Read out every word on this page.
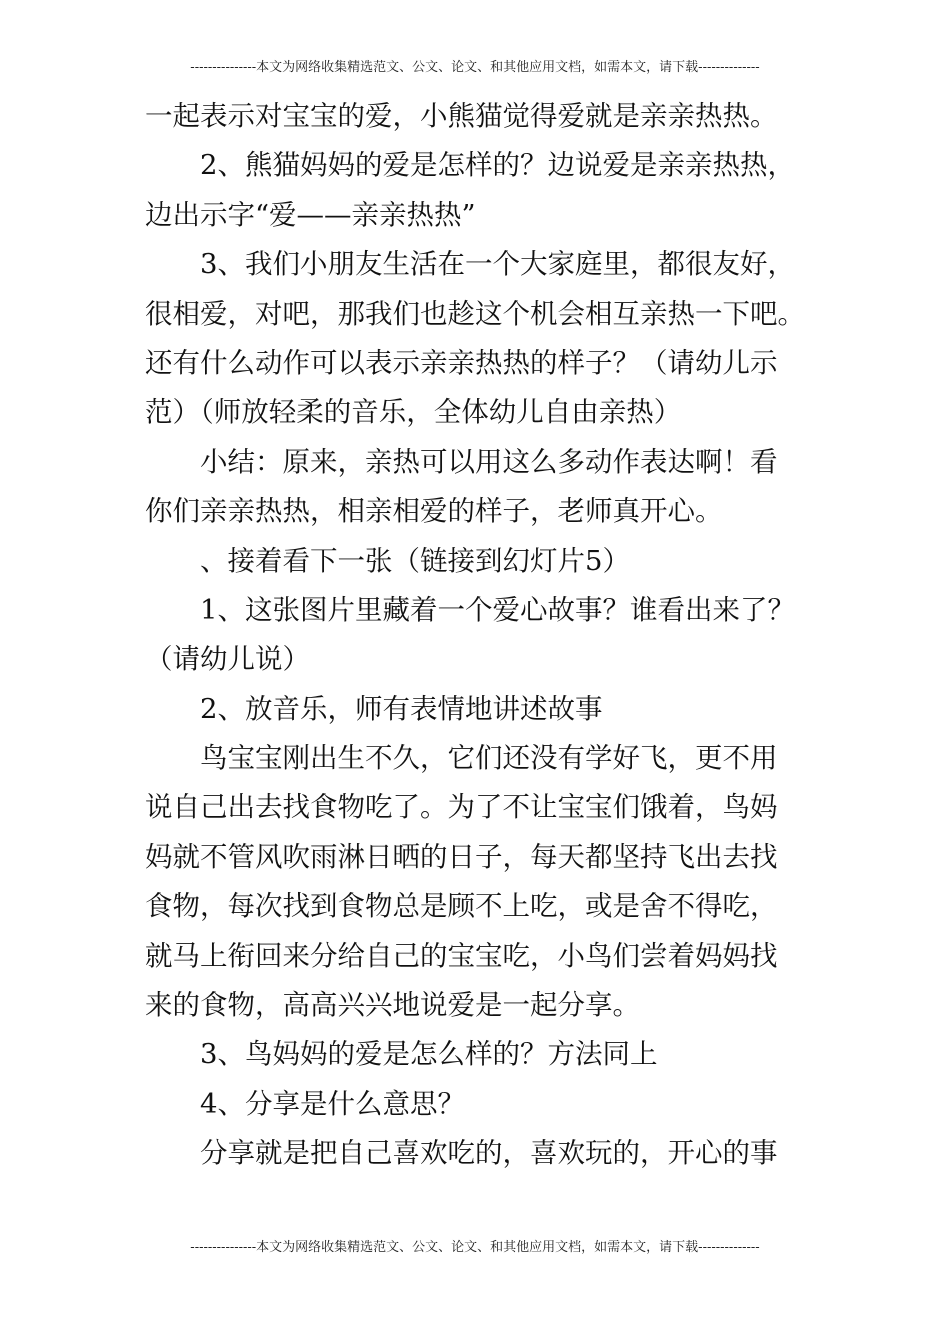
---------------本文为网络收集精选范文、公文、论文、和其他应用文档，如需本文，请下载--------------
一起表示对宝宝的爱，小熊猫觉得爱就是亲亲热热。
2、熊猫妈妈的爱是怎样的？边说爱是亲亲热热，
边出示字“爱——亲亲热热”
3、我们小朋友生活在一个大家庭里，都很友好，
很相爱，对吧，那我们也趁这个机会相互亲热一下吧。
还有什么动作可以表示亲亲热热的样子？（请幼儿示
范）（师放轻柔的音乐，全体幼儿自由亲热）
小结：原来，亲热可以用这么多动作表达啊！看
你们亲亲热热，相亲相爱的样子，老师真开心。
、接着看下一张（链接到幻灯片5）
1、这张图片里藏着一个爱心故事？谁看出来了？
（请幼儿说）
2、放音乐，师有表情地讲述故事
鸟宝宝刚出生不久，它们还没有学好飞，更不用
说自己出去找食物吃了。为了不让宝宝们饿着，鸟妈
妈就不管风吹雨淋日晒的日子，每天都坚持飞出去找
食物，每次找到食物总是顾不上吃，或是舍不得吃，
就马上衔回来分给自己的宝宝吃，小鸟们尝着妈妈找
来的食物，高高兴兴地说爱是一起分享。
3、鸟妈妈的爱是怎么样的？方法同上
4、分享是什么意思？
分享就是把自己喜欢吃的，喜欢玩的，开心的事
---------------本文为网络收集精选范文、公文、论文、和其他应用文档，如需本文，请下载--------------
